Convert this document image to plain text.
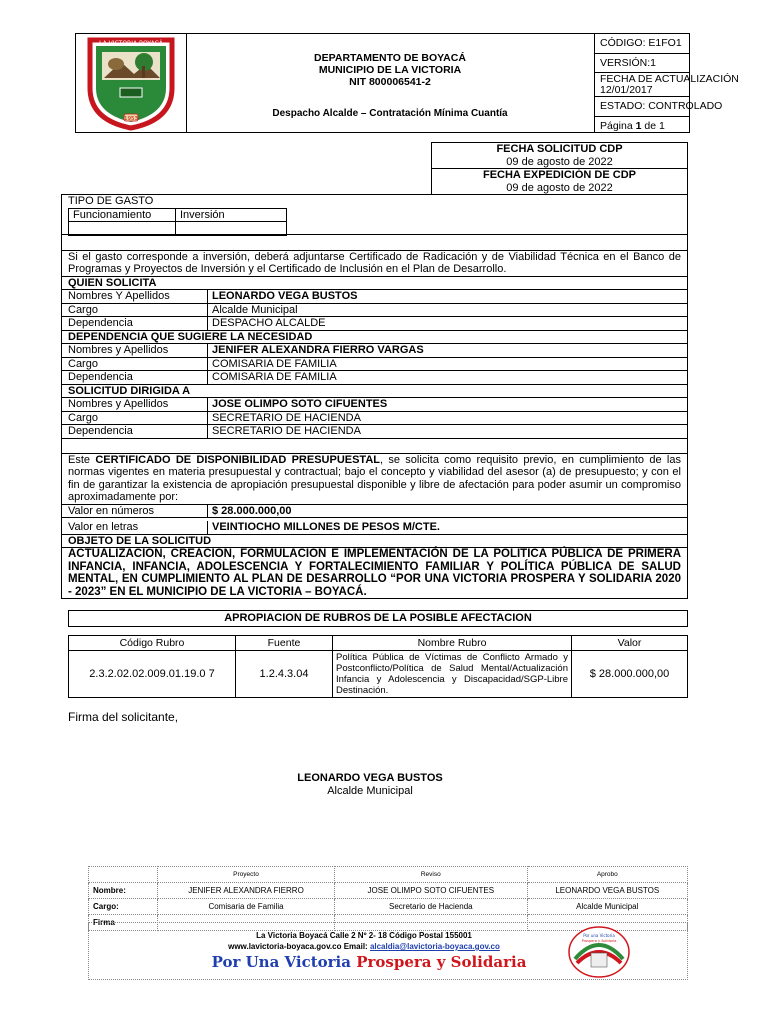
1953
LA VICTORIA BOYACÁ
DEPARTAMENTO DE BOYACÁ
MUNICIPIO DE LA VICTORIA
NIT 800006541-2
Despacho Alcalde – Contratación Mínima Cuantía
CÓDIGO: E1FO1
VERSIÓN:1
FECHA DE ACTUALIZACIÓN
12/01/2017
ESTADO: CONTROLADO
Página 1 de 1
FECHA SOLICITUD CDP
09 de agosto de 2022
FECHA EXPEDICIÓN DE CDP
09 de agosto de 2022
TIPO DE GASTO
Funcionamiento	Inversión

Si el gasto corresponde a inversión, deberá adjuntarse Certificado de Radicación y de Viabilidad Técnica en el Banco de Programas y Proyectos de Inversión y el Certificado de Inclusión en el Plan de Desarrollo.
QUIEN SOLICITA
Nombres Y Apellidos	LEONARDO VEGA BUSTOS
Cargo	Alcalde Municipal
Dependencia	DESPACHO ALCALDE
DEPENDENCIA QUE SUGIERE LA NECESIDAD
Nombres y Apellidos	JENIFER ALEXANDRA FIERRO VARGAS
Cargo	COMISARIA DE FAMILIA
Dependencia	COMISARIA DE FAMILIA
SOLICITUD DIRIGIDA A
Nombres y Apellidos	JOSE OLIMPO SOTO CIFUENTES
Cargo	SECRETARIO DE HACIENDA
Dependencia	SECRETARIO DE HACIENDA
Este CERTIFICADO DE DISPONIBILIDAD PRESUPUESTAL, se solicita como requisito previo, en cumplimiento de las normas vigentes en materia presupuestal y contractual; bajo el concepto y viabilidad del asesor (a) de presupuesto; y con el fin de garantizar la existencia de apropiación presupuestal disponible y libre de afectación para poder asumir un compromiso aproximadamente por:
Valor en números	$ 28.000.000,00
Valor en letras	VEINTIOCHO MILLONES DE PESOS M/CTE.
OBJETO DE LA SOLICITUD
ACTUALIZACION, CREACION, FORMULACION E IMPLEMENTACIÓN DE LA POLITICA PÚBLICA DE PRIMERA INFANCIA, INFANCIA, ADOLESCENCIA Y FORTALECIMIENTO FAMILIAR Y POLÍTICA PÚBLICA DE SALUD MENTAL, EN CUMPLIMIENTO AL PLAN DE DESARROLLO “POR UNA VICTORIA PROSPERA Y SOLIDARIA 2020 - 2023” EN EL MUNICIPIO DE LA VICTORIA – BOYACÁ.
APROPIACION DE RUBROS DE LA POSIBLE AFECTACION
Código Rubro	Fuente	Nombre Rubro	Valor
2.3.2.02.02.009.01.19.0 7	1.2.4.3.04	Política Pública de Víctimas de Conflicto Armado y Postconflicto/Política de Salud Mental/Actualización Infancia y Adolescencia y Discapacidad/SGP-Libre Destinación.	$ 28.000.000,00
Firma del solicitante,
LEONARDO VEGA BUSTOS
Alcalde Municipal
	Proyecto	Reviso	Aprobo
Nombre:	JENIFER ALEXANDRA FIERRO	JOSE OLIMPO SOTO CIFUENTES	LEONARDO VEGA BUSTOS
Cargo:	Comisaria de Familia	Secretario de Hacienda	Alcalde Municipal
Firma			
La Victoria Boyacá Calle 2 Nº 2- 18 Código Postal 155001
www.lavictoria-boyaca.gov.co Email: alcaldia@lavictoria-boyaca.gov.co
Por Una Victoria Prospera y Solidaria
Por una Victoria
Prospera y Solidaria
